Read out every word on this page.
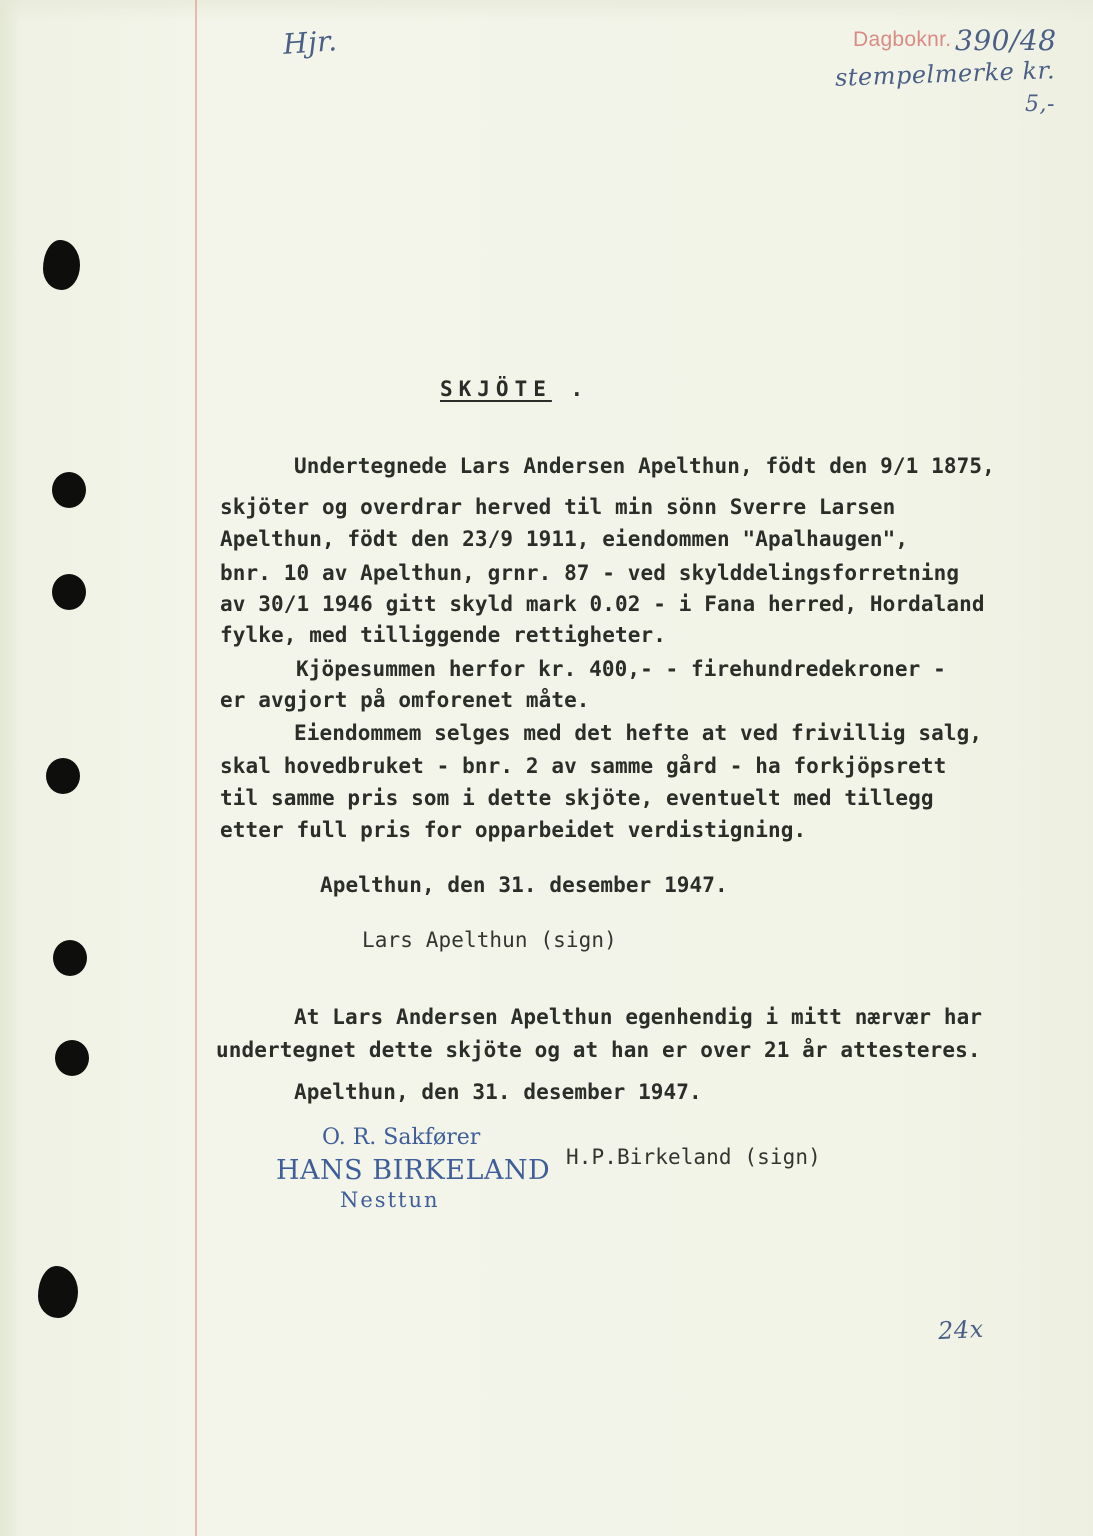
Hjr.	Dagboknr. 390/48
stempelmerke kr.
5,-
SKJÖTE .
Undertegnede Lars Andersen Apelthun, födt den 9/1 1875,
skjöter og overdrar herved til min sönn Sverre Larsen
Apelthun, födt den 23/9 1911, eiendommen "Apalhaugen",
bnr. 10 av Apelthun, grnr. 87 - ved skylddelingsforretning
av 30/1 1946 gitt skyld mark 0.02 - i Fana herred, Hordaland
fylke, med tilliggende rettigheter.
Kjöpesummen herfor kr. 400,- - firehundredekroner -
er avgjort på omforenet måte.
Eiendommem selges med det hefte at ved frivillig salg,
skal hovedbruket - bnr. 2 av samme gård - ha forkjöpsrett
til samme pris som i dette skjöte, eventuelt med tillegg
etter full pris for opparbeidet verdistigning.
Apelthun, den 31. desember 1947.
Lars Apelthun (sign)
At Lars Andersen Apelthun egenhendig i mitt nærvær har
undertegnet dette skjöte og at han er over 21 år attesteres.
Apelthun, den 31. desember 1947.
O. R. Sakfører
HANS BIRKELAND
Nesttun
H.P.Birkeland (sign)
24x
